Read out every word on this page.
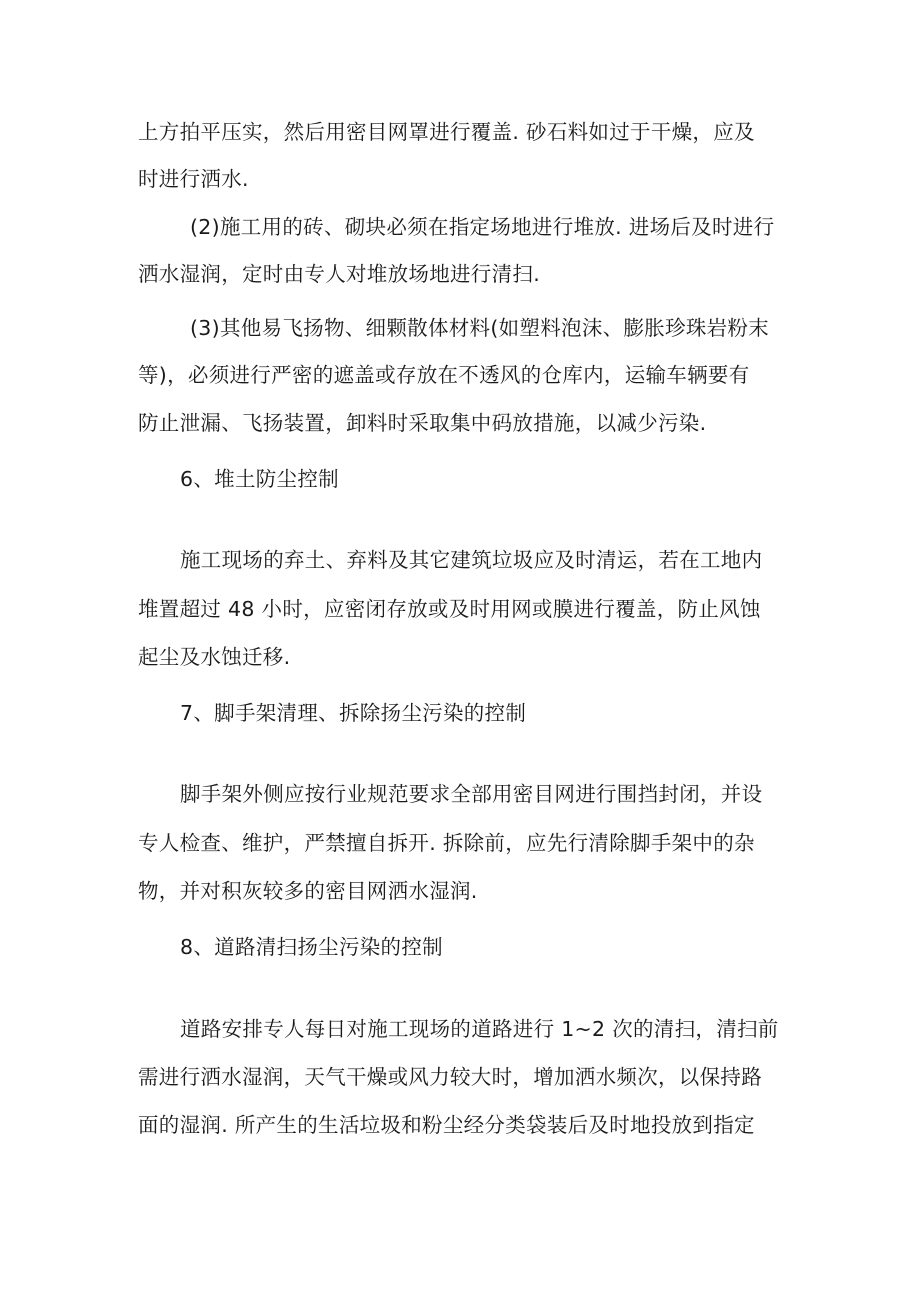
上方拍平压实，然后用密目网罩进行覆盖. 砂石料如过于干燥，应及

时进行洒水.

(2)施工用的砖、砌块必须在指定场地进行堆放. 进场后及时进行

洒水湿润，定时由专人对堆放场地进行清扫.

(3)其他易飞扬物、细颗散体材料(如塑料泡沫、膨胀珍珠岩粉末

等)，必须进行严密的遮盖或存放在不透风的仓库内，运输车辆要有

防止泄漏、飞扬装置，卸料时采取集中码放措施，以减少污染.

6、堆土防尘控制

施工现场的弃土、弃料及其它建筑垃圾应及时清运，若在工地内

堆置超过 48 小时，应密闭存放或及时用网或膜进行覆盖，防止风蚀

起尘及水蚀迁移.

7、脚手架清理、拆除扬尘污染的控制

脚手架外侧应按行业规范要求全部用密目网进行围挡封闭，并设

专人检查、维护，严禁擅自拆开. 拆除前，应先行清除脚手架中的杂

物，并对积灰较多的密目网洒水湿润.

8、道路清扫扬尘污染的控制

道路安排专人每日对施工现场的道路进行 1~2 次的清扫，清扫前

需进行洒水湿润，天气干燥或风力较大时，增加洒水频次，以保持路

面的湿润. 所产生的生活垃圾和粉尘经分类袋装后及时地投放到指定
